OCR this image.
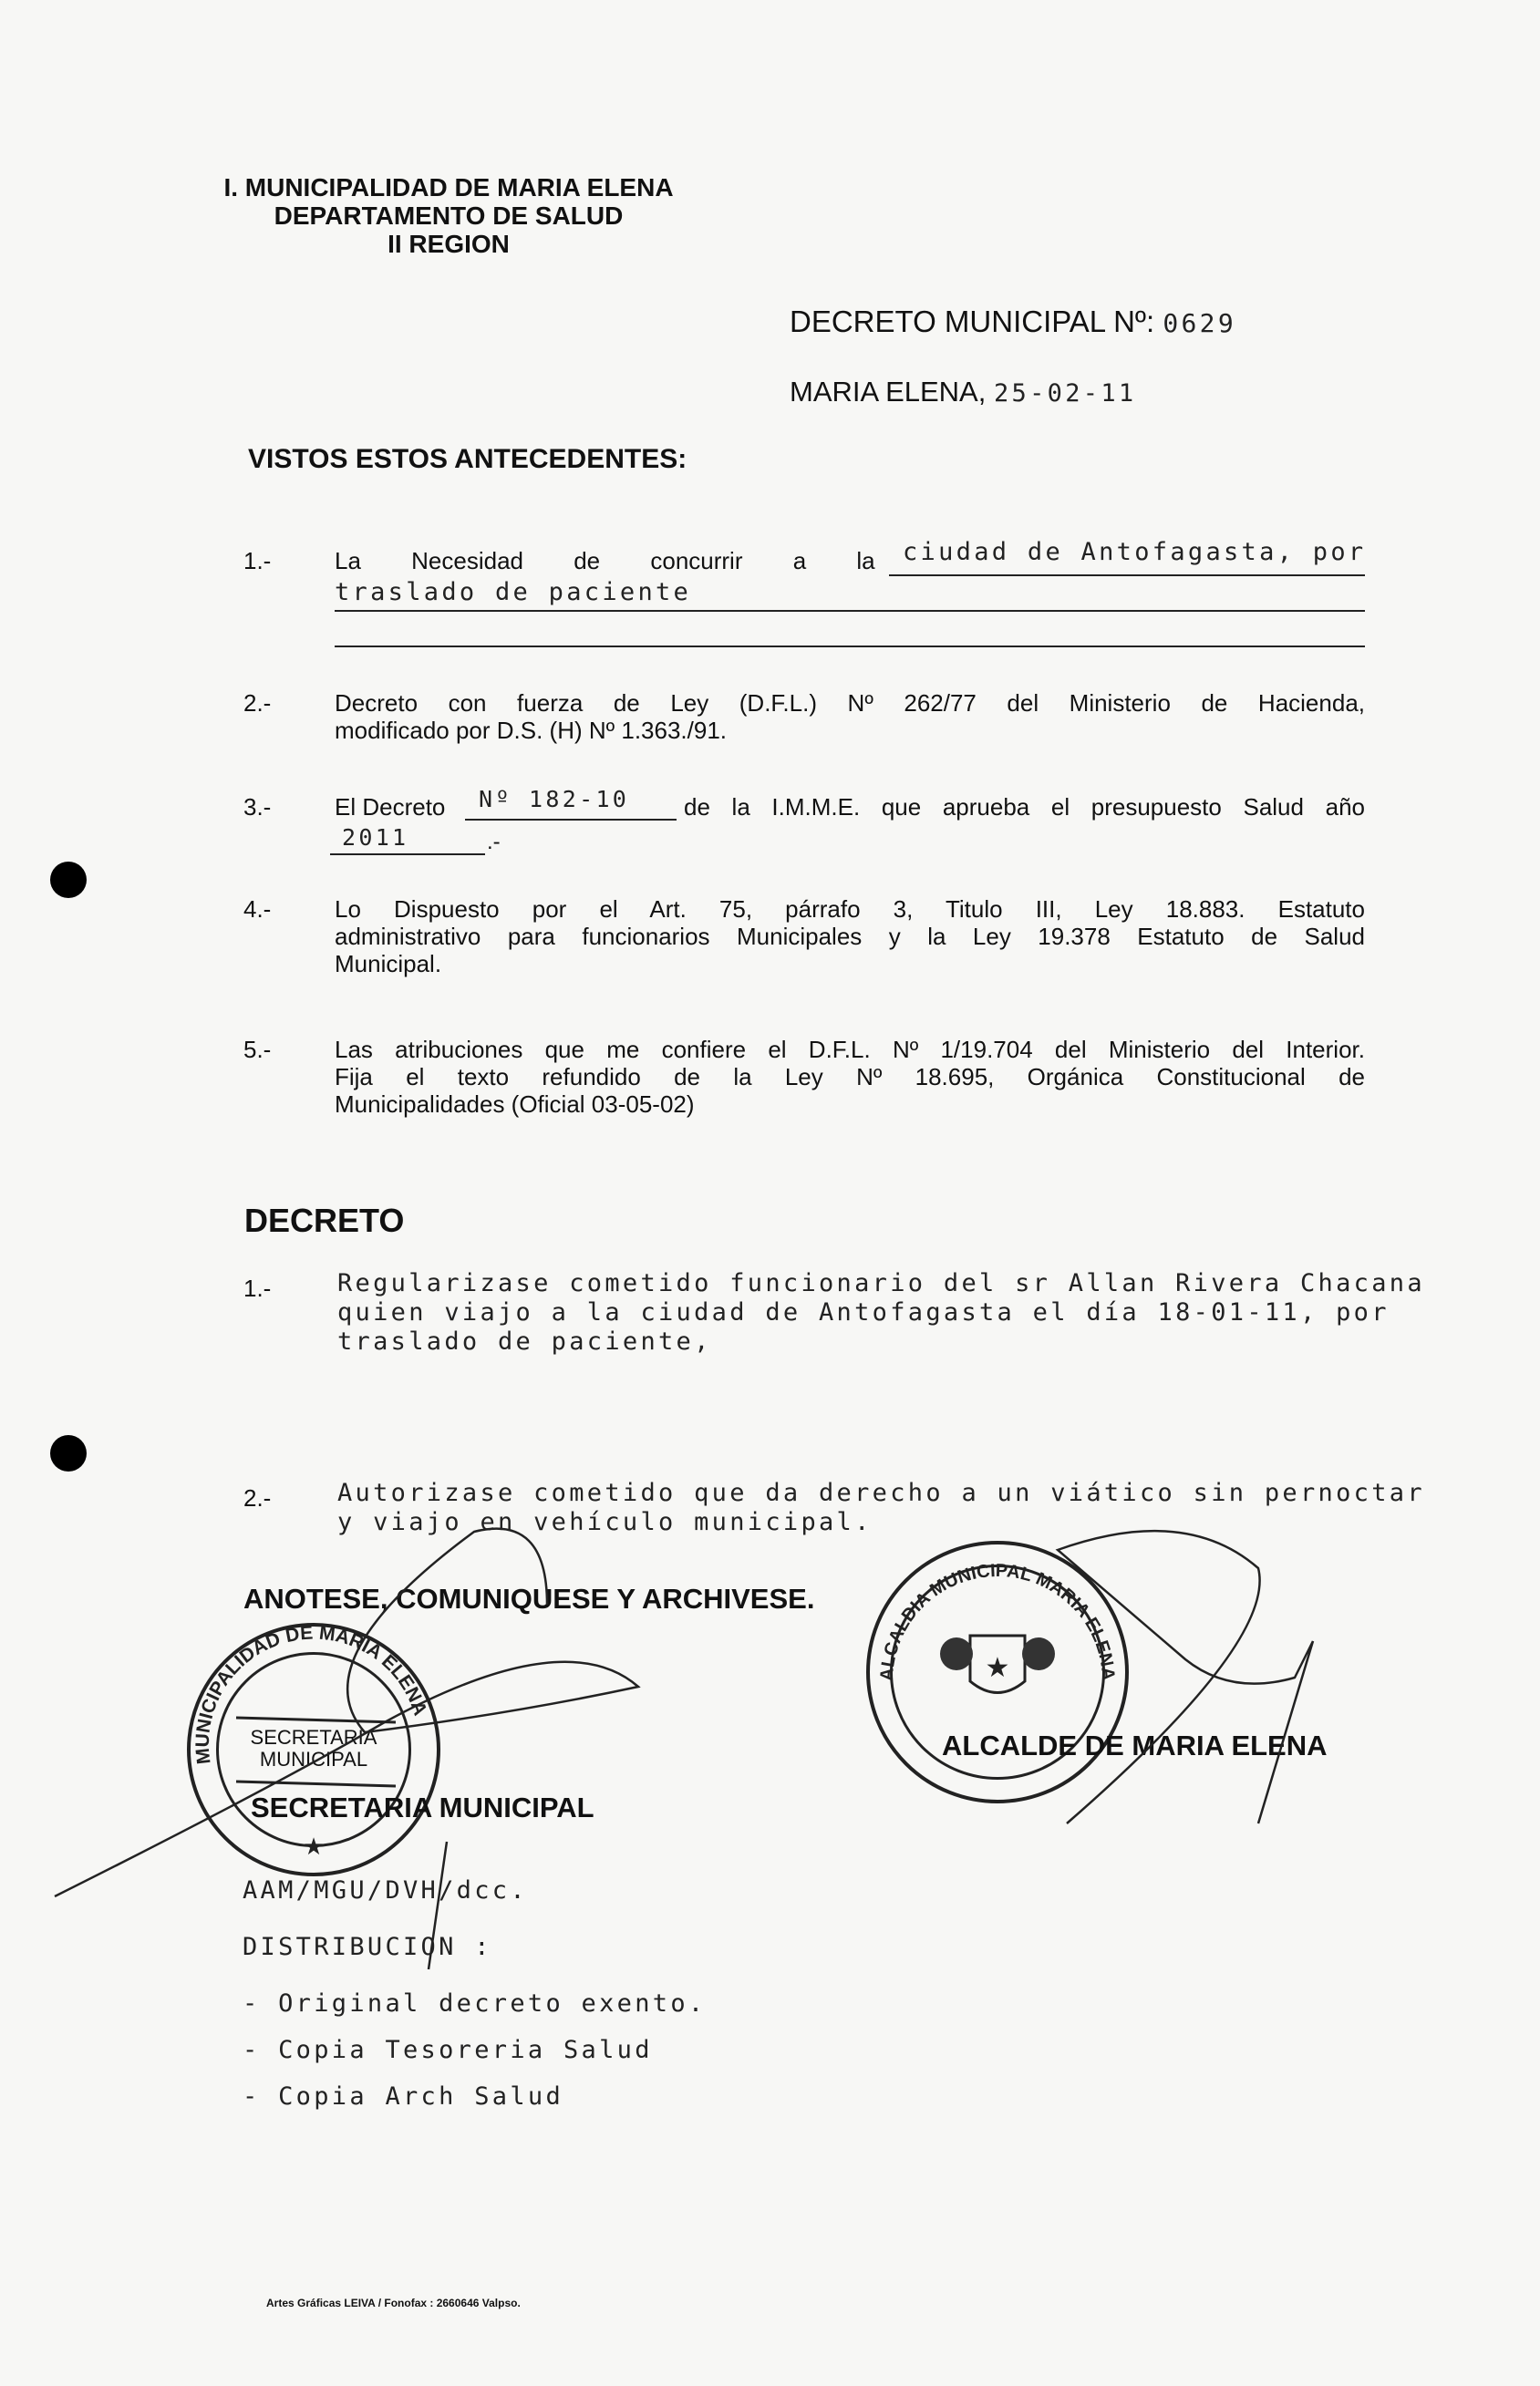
I. MUNICIPALIDAD DE MARIA ELENA
DEPARTAMENTO DE SALUD
II REGION
DECRETO MUNICIPAL Nº: 0629
MARIA ELENA, 25-02-11
VISTOS ESTOS ANTECEDENTES:
1.-	La Necesidad de concurrir a la ciudad de Antofagasta, por
traslado de paciente
2.-	Decreto con fuerza de Ley (D.F.L.) Nº 262/77 del Ministerio de Hacienda,
modificado por D.S. (H) Nº 1.363./91.
3.-	El Decreto Nº 182-10 de la I.M.M.E. que aprueba el presupuesto Salud año
2011	.-
4.-	Lo Dispuesto por el Art. 75, párrafo 3, Titulo III, Ley 18.883. Estatuto
administrativo para funcionarios Municipales y la Ley 19.378 Estatuto de Salud
Municipal.
5.-	Las atribuciones que me confiere el D.F.L. Nº 1/19.704 del Ministerio del Interior.
Fija el texto refundido de la Ley Nº 18.695, Orgánica Constitucional de
Municipalidades (Oficial 03-05-02)
DECRETO
1.-	Regularizase cometido funcionario del sr Allan Rivera Chacana
quien viajo a la ciudad de Antofagasta el día 18-01-11, por
traslado de paciente,
2.-	Autorizase cometido que da derecho a un viático sin pernoctar
y viajo en vehículo municipal.
ANOTESE, COMUNIQUESE Y ARCHIVESE.
MUNICIPALIDAD DE MARIA ELENA
★
SECRETARIA MUNICIPAL
SECRETARIA MUNICIPAL
ALCALDIA MUNICIPAL MARIA ELENA
★
ALCALDE DE MARIA ELENA
AAM/MGU/DVH/dcc.
DISTRIBUCION :
- Original decreto exento.
- Copia Tesoreria Salud
- Copia Arch Salud
Artes Gráficas LEIVA / Fonofax : 2660646 Valpso.
